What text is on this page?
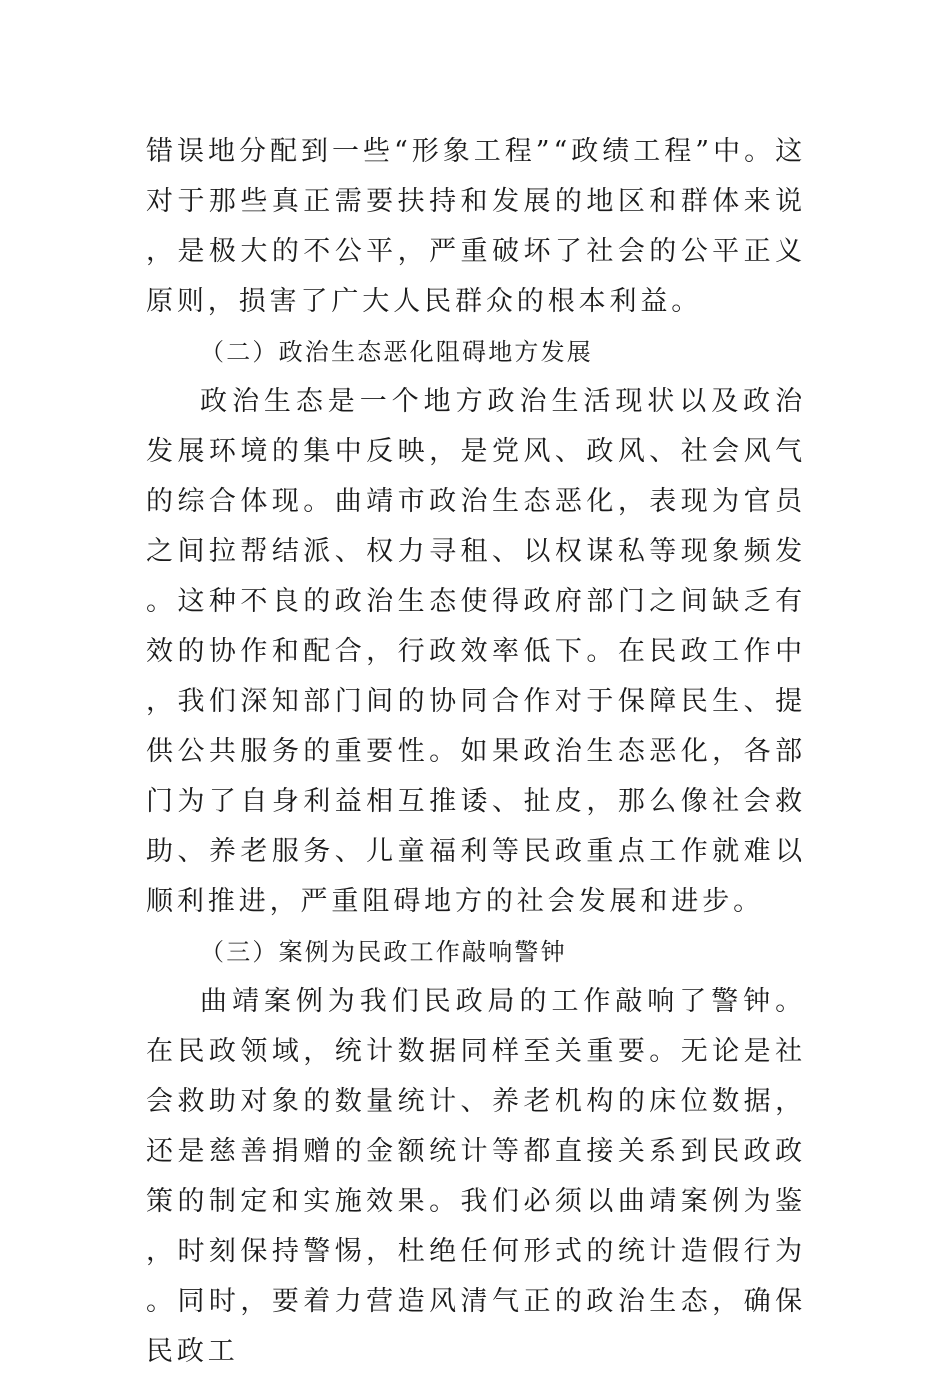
错误地分配到一些“形象工程”“政绩工程”中。这对于那些真正需要扶持和发展的地区和群体来说，是极大的不公平，严重破坏了社会的公平正义原则，损害了广大人民群众的根本利益。

（二）政治生态恶化阻碍地方发展

政治生态是一个地方政治生活现状以及政治发展环境的集中反映，是党风、政风、社会风气的综合体现。曲靖市政治生态恶化，表现为官员之间拉帮结派、权力寻租、以权谋私等现象频发。这种不良的政治生态使得政府部门之间缺乏有效的协作和配合，行政效率低下。在民政工作中，我们深知部门间的协同合作对于保障民生、提供公共服务的重要性。如果政治生态恶化，各部门为了自身利益相互推诿、扯皮，那么像社会救助、养老服务、儿童福利等民政重点工作就难以顺利推进，严重阻碍地方的社会发展和进步。

（三）案例为民政工作敲响警钟

曲靖案例为我们民政局的工作敲响了警钟。在民政领域，统计数据同样至关重要。无论是社会救助对象的数量统计、养老机构的床位数据，还是慈善捐赠的金额统计等都直接关系到民政政策的制定和实施效果。我们必须以曲靖案例为鉴，时刻保持警惕，杜绝任何形式的统计造假行为。同时，要着力营造风清气正的政治生态，确保民政工
